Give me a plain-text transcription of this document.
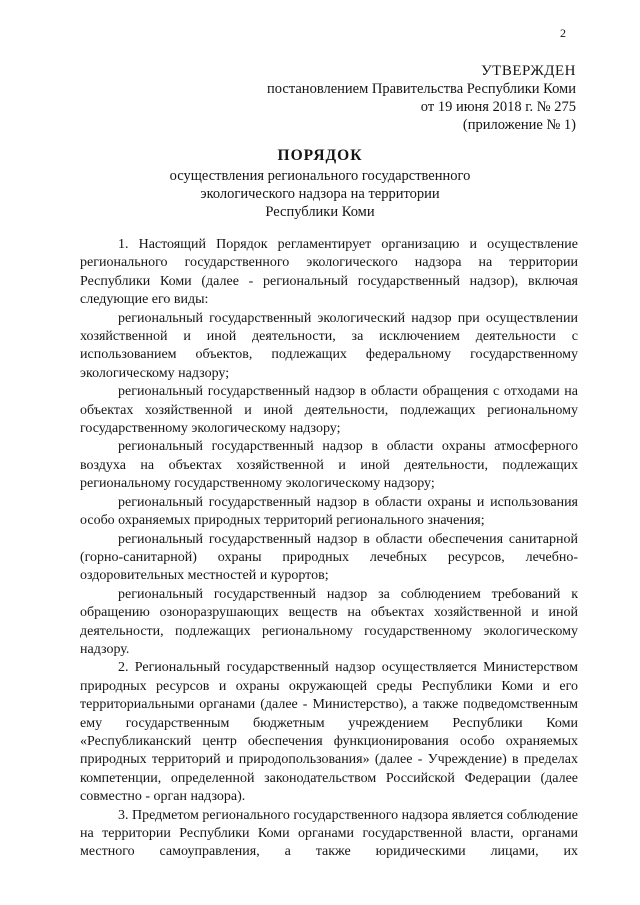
2
УТВЕРЖДЕН
постановлением Правительства Республики Коми
от 19 июня 2018 г. № 275
(приложение № 1)
ПОРЯДОК
осуществления регионального государственного
экологического надзора на территории
Республики Коми

1. Настоящий Порядок регламентирует организацию и осуществление регионального государственного экологического надзора на территории Республики Коми (далее - региональный государственный надзор), включая следующие его виды:

региональный государственный экологический надзор при осуществлении хозяйственной и иной деятельности, за исключением деятельности с использованием объектов, подлежащих федеральному государственному экологическому надзору;

региональный государственный надзор в области обращения с отходами на объектах хозяйственной и иной деятельности, подлежащих региональному государственному экологическому надзору;

региональный государственный надзор в области охраны атмосферного воздуха на объектах хозяйственной и иной деятельности, подлежащих региональному государственному экологическому надзору;

региональный государственный надзор в области охраны и использования особо охраняемых природных территорий регионального значения;

региональный государственный надзор в области обеспечения санитарной (горно-санитарной) охраны природных лечебных ресурсов, лечебно-оздоровительных местностей и курортов;

региональный государственный надзор за соблюдением требований к обращению озоноразрушающих веществ на объектах хозяйственной и иной деятельности, подлежащих региональному государственному экологическому надзору.

2. Региональный государственный надзор осуществляется Министерством природных ресурсов и охраны окружающей среды Республики Коми и его территориальными органами (далее - Министерство), а также подведомственным ему государственным бюджетным учреждением Республики Коми «Республиканский центр обеспечения функционирования особо охраняемых природных территорий и природопользования» (далее - Учреждение) в пределах компетенции, определенной законодательством Российской Федерации (далее совместно - орган надзора).

3. Предметом регионального государственного надзора является соблюдение на территории Республики Коми органами государственной власти, органами местного самоуправления, а также юридическими лицами, их
